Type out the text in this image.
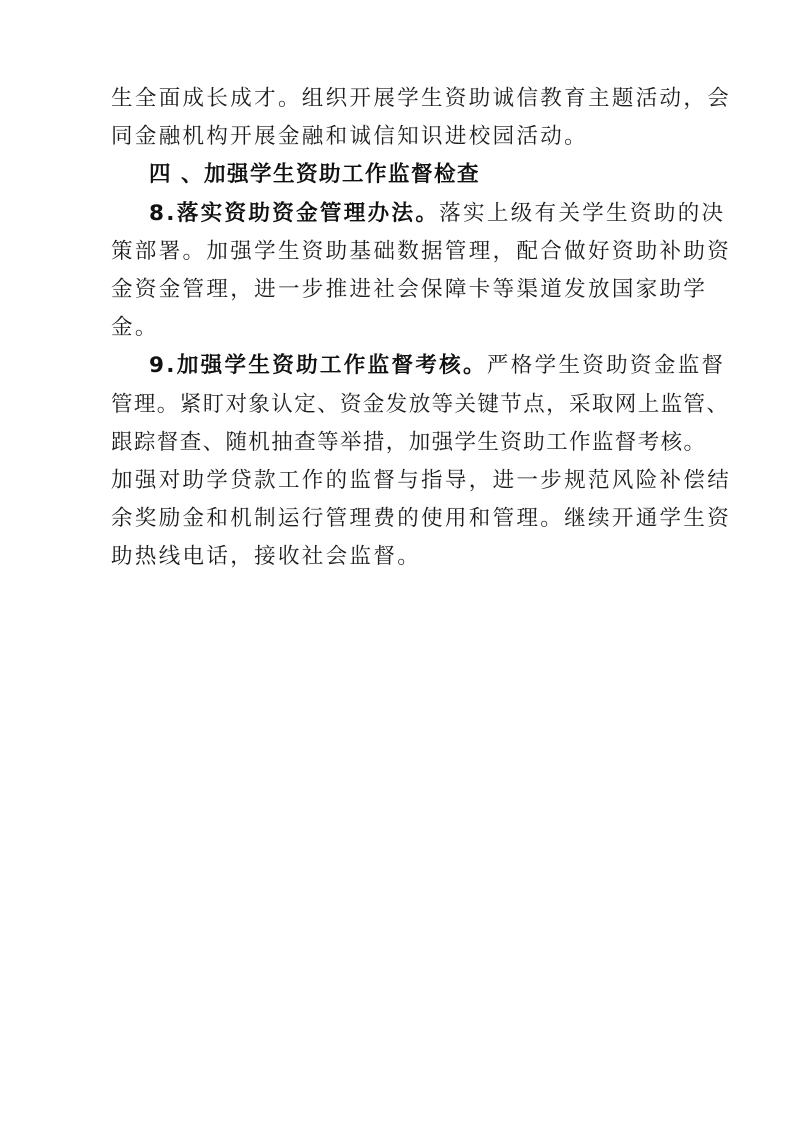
生全面成长成才。组织开展学生资助诚信教育主题活动，会
同金融机构开展金融和诚信知识进校园活动。
四 、加强学生资助工作监督检查
8.落实资助资金管理办法。落实上级有关学生资助的决
策部署。加强学生资助基础数据管理，配合做好资助补助资
金资金管理，进一步推进社会保障卡等渠道发放国家助学
金。
9.加强学生资助工作监督考核。严格学生资助资金监督
管理。紧盯对象认定、资金发放等关键节点，采取网上监管、
跟踪督查、随机抽查等举措，加强学生资助工作监督考核。
加强对助学贷款工作的监督与指导，进一步规范风险补偿结
余奖励金和机制运行管理费的使用和管理。继续开通学生资
助热线电话，接收社会监督。
